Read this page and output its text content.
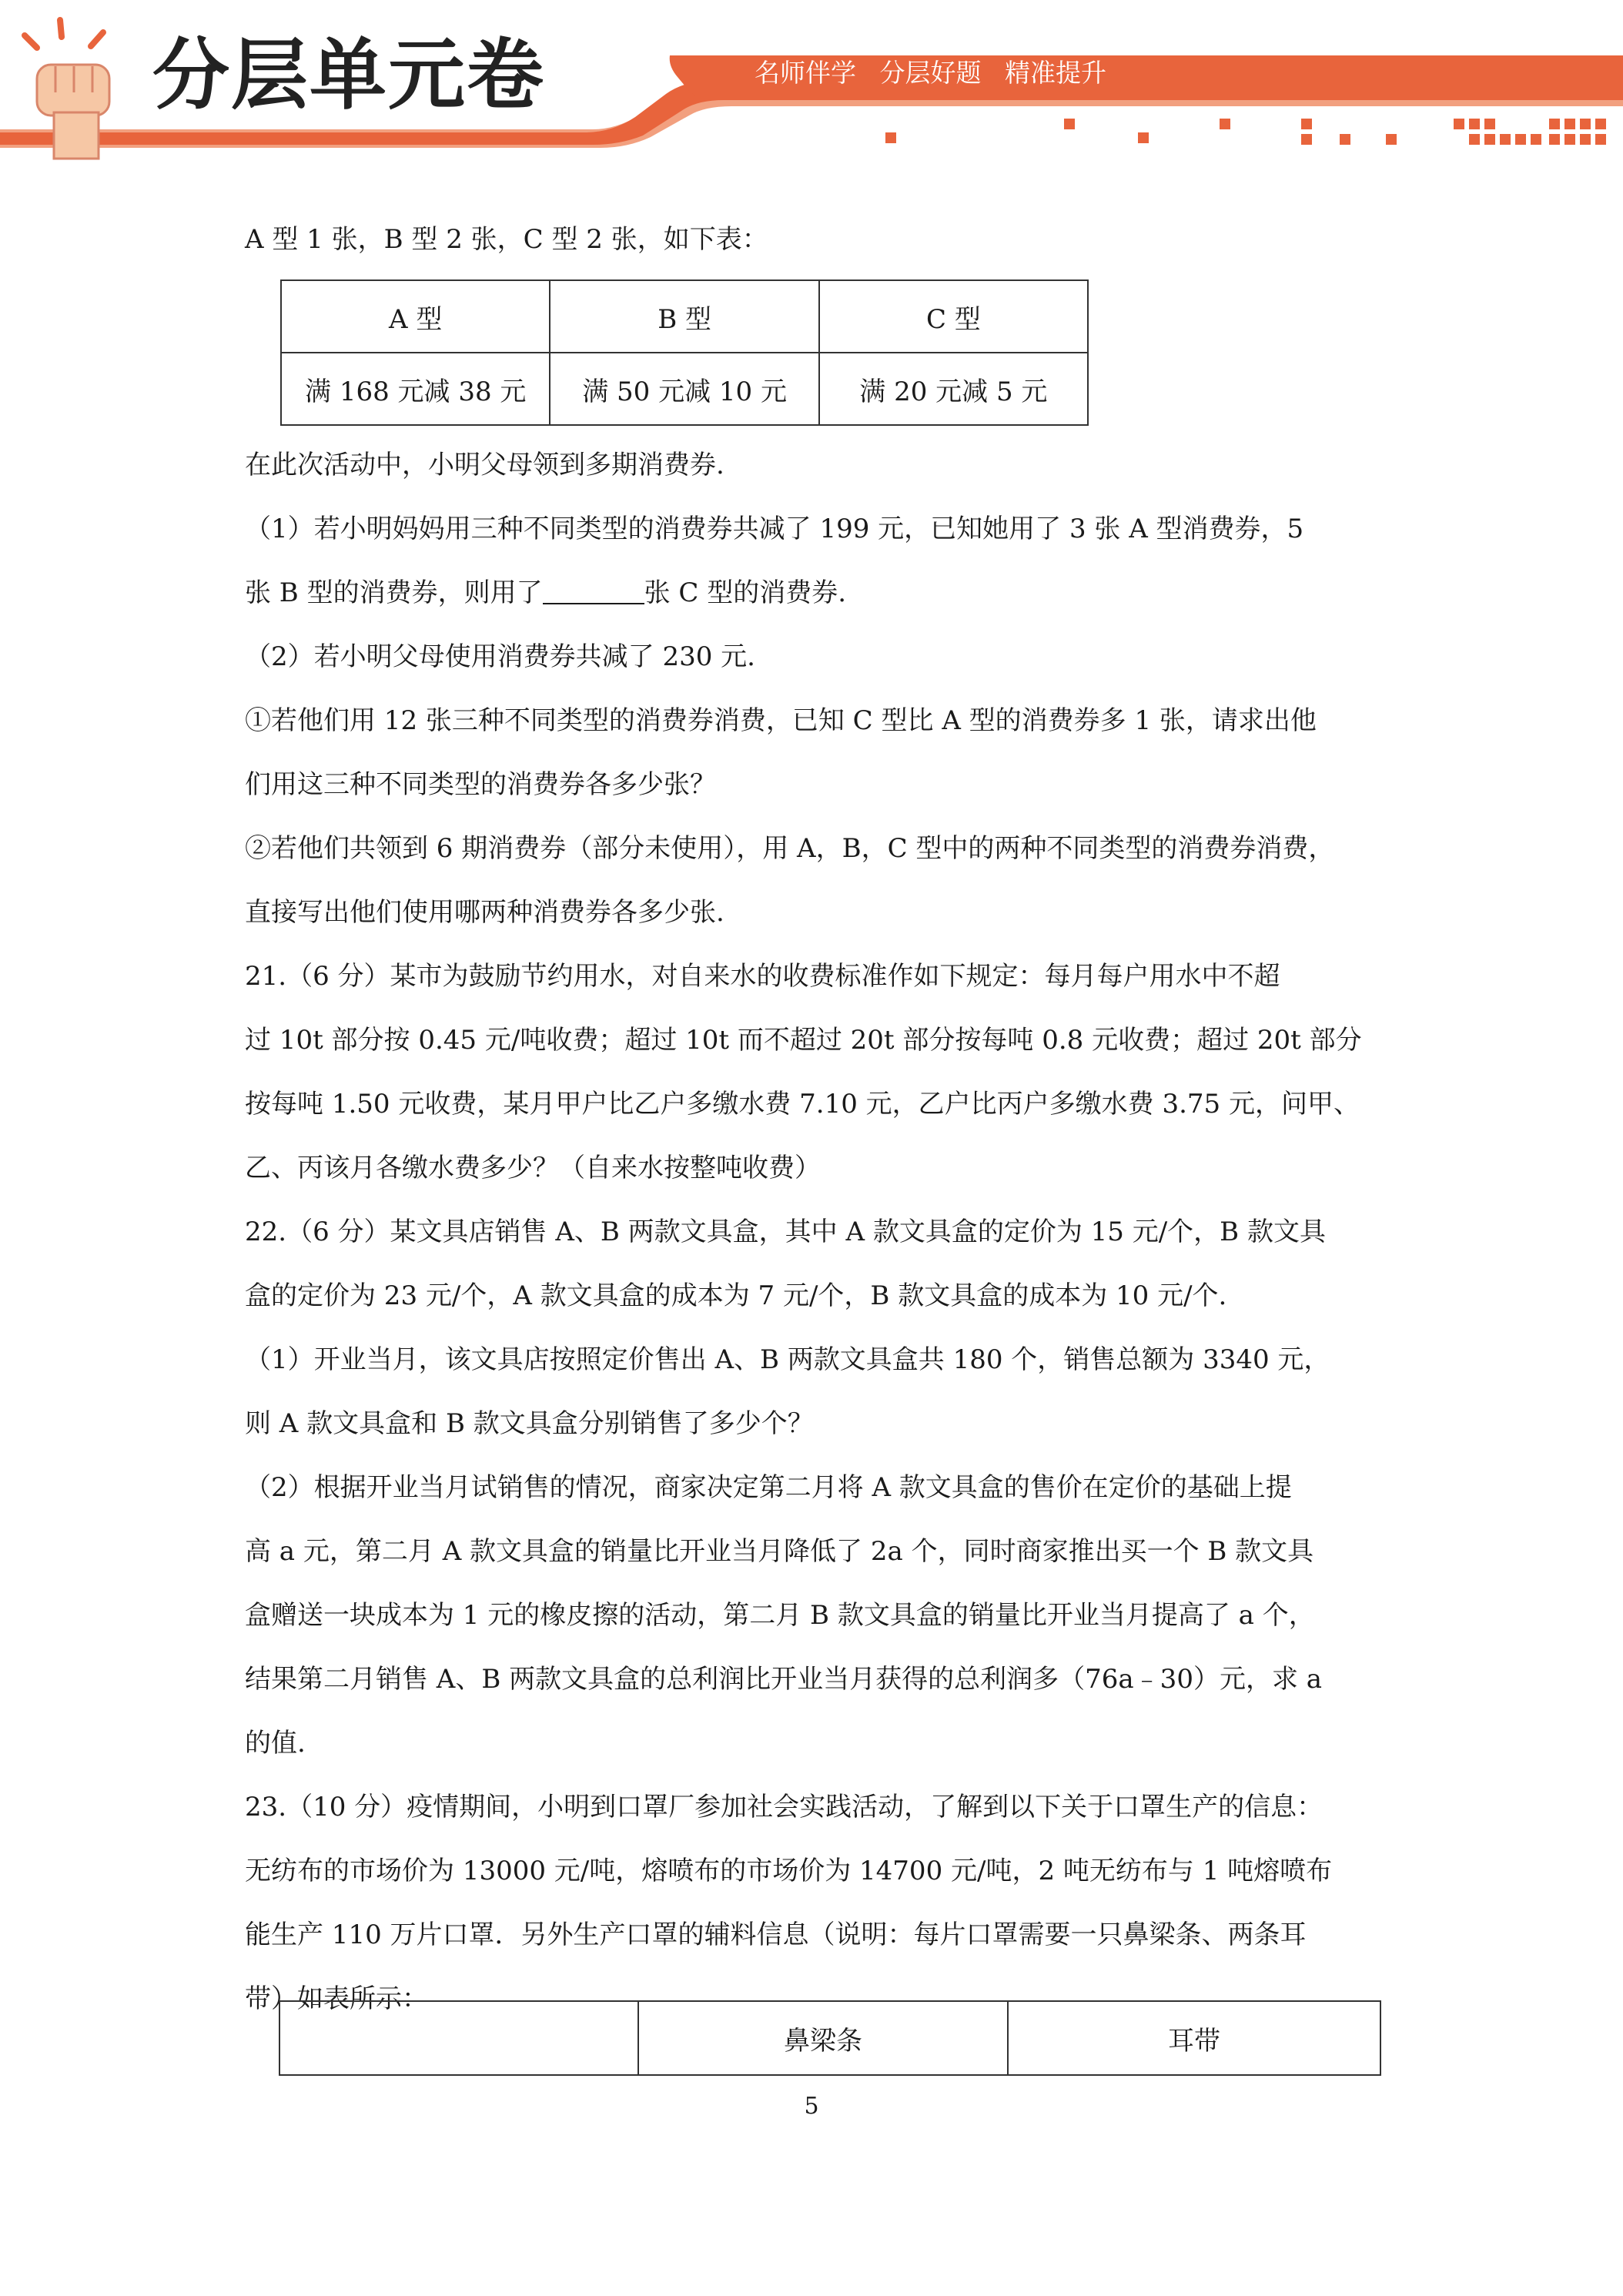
分层单元卷	名师伴学 分层好题 精准提升

A 型 1 张，B 型 2 张，C 型 2 张，如下表：

A 型	B 型	C 型
满 168 元减 38 元	满 50 元减 10 元	满 20 元减 5 元

在此次活动中，小明父母领到多期消费券.

（1）若小明妈妈用三种不同类型的消费券共减了 199 元，已知她用了 3 张 A 型消费券，5

张 B 型的消费券，则用了	张 C 型的消费券.

（2）若小明父母使用消费券共减了 230 元.

①若他们用 12 张三种不同类型的消费券消费，已知 C 型比 A 型的消费券多 1 张，请求出他

们用这三种不同类型的消费券各多少张？

②若他们共领到 6 期消费券（部分未使用），用 A，B，C 型中的两种不同类型的消费券消费，

直接写出他们使用哪两种消费券各多少张.

21.（6 分）某市为鼓励节约用水，对自来水的收费标准作如下规定：每月每户用水中不超

过 10t 部分按 0.45 元/吨收费；超过 10t 而不超过 20t 部分按每吨 0.8 元收费；超过 20t 部分

按每吨 1.50 元收费，某月甲户比乙户多缴水费 7.10 元，乙户比丙户多缴水费 3.75 元，问甲、

乙、丙该月各缴水费多少？（自来水按整吨收费）

22.（6 分）某文具店销售 A、B 两款文具盒，其中 A 款文具盒的定价为 15 元/个，B 款文具

盒的定价为 23 元/个，A 款文具盒的成本为 7 元/个，B 款文具盒的成本为 10 元/个.

（1）开业当月，该文具店按照定价售出 A、B 两款文具盒共 180 个，销售总额为 3340 元，

则 A 款文具盒和 B 款文具盒分别销售了多少个？

（2）根据开业当月试销售的情况，商家决定第二月将 A 款文具盒的售价在定价的基础上提

高 a 元，第二月 A 款文具盒的销量比开业当月降低了 2a 个，同时商家推出买一个 B 款文具

盒赠送一块成本为 1 元的橡皮擦的活动，第二月 B 款文具盒的销量比开业当月提高了 a 个，

结果第二月销售 A、B 两款文具盒的总利润比开业当月获得的总利润多（76a﹣30）元，求 a

的值.

23.（10 分）疫情期间，小明到口罩厂参加社会实践活动，了解到以下关于口罩生产的信息：

无纺布的市场价为 13000 元/吨，熔喷布的市场价为 14700 元/吨，2 吨无纺布与 1 吨熔喷布

能生产 110 万片口罩．另外生产口罩的辅料信息（说明：每片口罩需要一只鼻梁条、两条耳

带）如表所示：

	鼻梁条	耳带
5
